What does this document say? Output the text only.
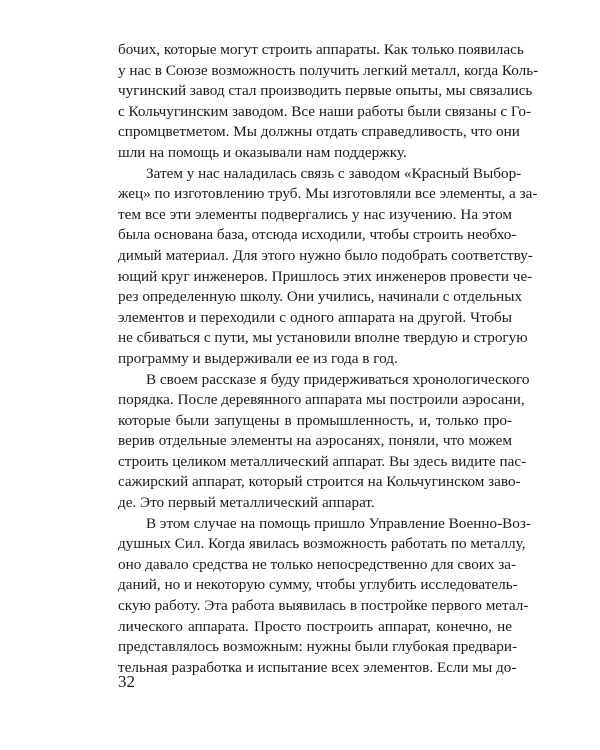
бочих, которые могут строить аппараты. Как только появилась
у нас в Союзе возможность получить легкий металл, когда Коль-
чугинский завод стал производить первые опыты, мы связались
с Кольчугинским заводом. Все наши работы были связаны с Го-
спромцветметом. Мы должны отдать справедливость, что они
шли на помощь и оказывали нам поддержку.
Затем у нас наладилась связь с заводом «Красный Выбор-
жец» по изготовлению труб. Мы изготовляли все элементы, а за-
тем все эти элементы подвергались у нас изучению. На этом
была основана база, отсюда исходили, чтобы строить необхо-
димый материал. Для этого нужно было подобрать соответству-
ющий круг инженеров. Пришлось этих инженеров провести че-
рез определенную школу. Они учились, начинали с отдельных
элементов и переходили с одного аппарата на другой. Чтобы
не сбиваться с пути, мы установили вполне твердую и строгую
программу и выдерживали ее из года в год.
В своем рассказе я буду придерживаться хронологического
порядка. После деревянного аппарата мы построили аэросани,
которые были запущены в промышленность, и, только про-
верив отдельные элементы на аэросанях, поняли, что можем
строить целиком металлический аппарат. Вы здесь видите пас-
сажирский аппарат, который строится на Кольчугинском заво-
де. Это первый металлический аппарат.
В этом случае на помощь пришло Управление Военно-Воз-
душных Сил. Когда явилась возможность работать по металлу,
оно давало средства не только непосредственно для своих за-
даний, но и некоторую сумму, чтобы углубить исследователь-
скую работу. Эта работа выявилась в постройке первого метал-
лического аппарата. Просто построить аппарат, конечно, не
представлялось возможным: нужны были глубокая предвари-
тельная разработка и испытание всех элементов. Если мы до-
32
